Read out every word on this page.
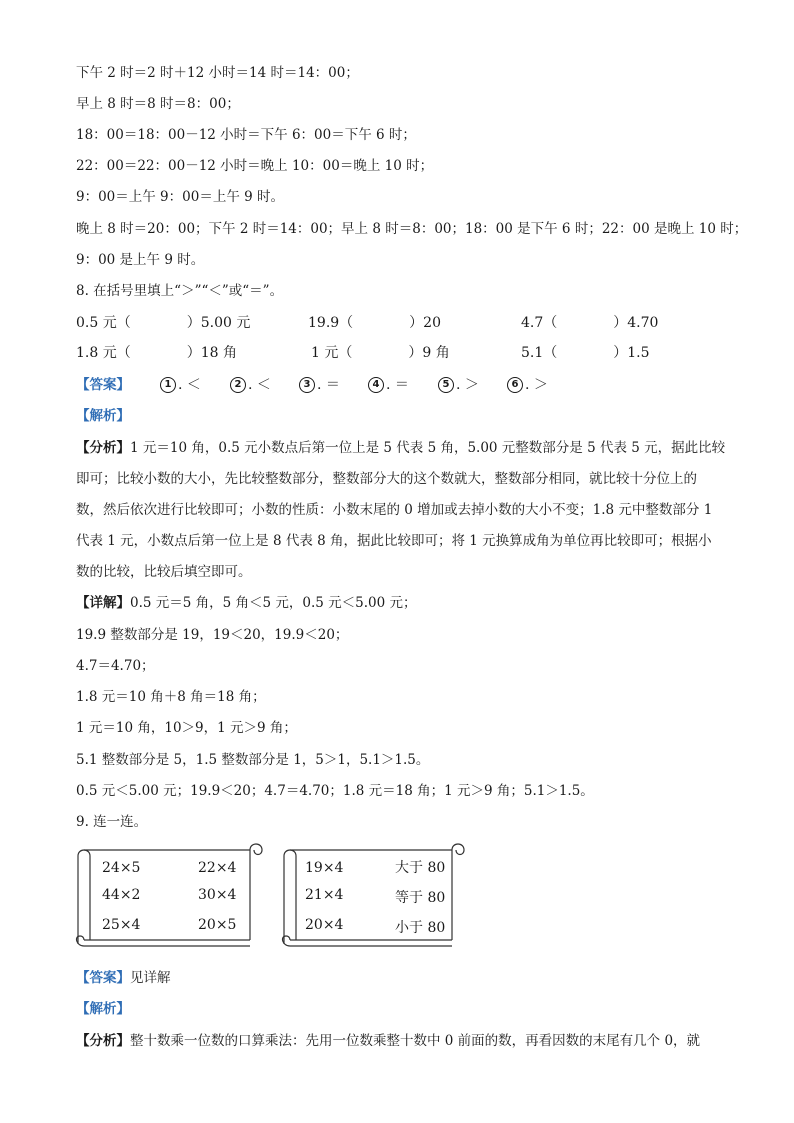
下午 2 时＝2 时＋12 小时＝14 时＝14：00；
早上 8 时＝8 时＝8：00；
18：00＝18：00－12 小时＝下午 6：00＝下午 6 时；
22：00＝22：00－12 小时＝晚上 10：00＝晚上 10 时；
9：00＝上午 9：00＝上午 9 时。
晚上 8 时＝20：00；下午 2 时＝14：00；早上 8 时＝8：00；18：00 是下午 6 时；22：00 是晚上 10 时；
9：00 是上午 9 时。
8. 在括号里填上“＞”“＜”或“＝”。
0.5 元（　　　　）5.00 元	19.9（　　　　）20	4.7（　　　　）4.70
1.8 元（　　　　）18 角	1 元（　　　　）9 角	5.1（　　　　）1.5
【答案】	1 . ＜	2 . ＜	3 . ＝	4 . ＝	5 . ＞	6 . ＞
【解析】
【分析】1 元＝10 角，0.5 元小数点后第一位上是 5 代表 5 角，5.00 元整数部分是 5 代表 5 元，据此比较
即可；比较小数的大小，先比较整数部分，整数部分大的这个数就大，整数部分相同，就比较十分位上的
数，然后依次进行比较即可；小数的性质：小数末尾的 0 增加或去掉小数的大小不变；1.8 元中整数部分 1
代表 1 元，小数点后第一位上是 8 代表 8 角，据此比较即可；将 1 元换算成角为单位再比较即可；根据小
数的比较，比较后填空即可。
【详解】0.5 元＝5 角，5 角＜5 元，0.5 元＜5.00 元；
19.9 整数部分是 19，19＜20，19.9＜20；
4.7＝4.70；
1.8 元＝10 角＋8 角＝18 角；
1 元＝10 角，10＞9，1 元＞9 角；
5.1 整数部分是 5，1.5 整数部分是 1，5＞1，5.1＞1.5。
0.5 元＜5.00 元；19.9＜20；4.7＝4.70；1.8 元＝18 角；1 元＞9 角；5.1＞1.5。
9. 连一连。
24×5	22×4
44×2	30×4
25×4	20×5
19×4	大于 80
21×4	等于 80
20×4	小于 80
【答案】见详解
【解析】
【分析】整十数乘一位数的口算乘法：先用一位数乘整十数中 0 前面的数，再看因数的末尾有几个 0，就
